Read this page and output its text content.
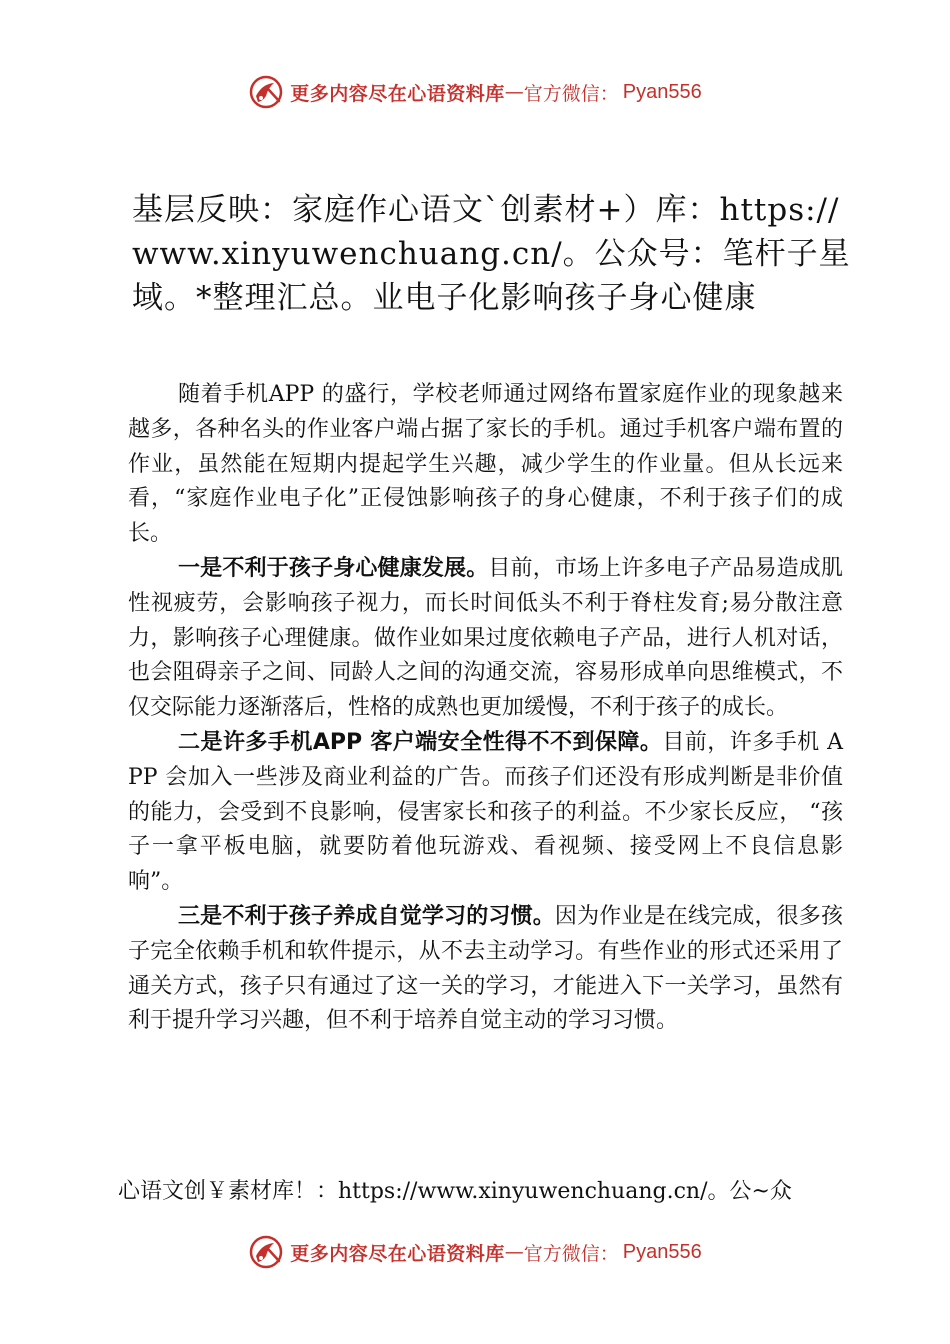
更多内容尽在心语资料库 — 官方微信： Pyan556
基层反映：家庭作心语文`创素材+）库：https://www.xinyuwenchuang.cn/。公众号：笔杆子星域。*整理汇总。业电子化影响孩子身心健康

随着手机APP 的盛行，学校老师通过网络布置家庭作业的现象越来越多，各种名头的作业客户端占据了家长的手机。通过手机客户端布置的作业，虽然能在短期内提起学生兴趣，减少学生的作业量。但从长远来看，“家庭作业电子化”正侵蚀影响孩子的身心健康，不利于孩子们的成长。

一是不利于孩子身心健康发展。目前，市场上许多电子产品易造成肌性视疲劳，会影响孩子视力，而长时间低头不利于脊柱发育;易分散注意力，影响孩子心理健康。做作业如果过度依赖电子产品，进行人机对话，也会阻碍亲子之间、同龄人之间的沟通交流，容易形成单向思维模式，不仅交际能力逐渐落后，性格的成熟也更加缓慢，不利于孩子的成长。

二是许多手机APP 客户端安全性得不不到保障。目前，许多手机 APP 会加入一些涉及商业利益的广告。而孩子们还没有形成判断是非价值的能力，会受到不良影响，侵害家长和孩子的利益。不少家长反应， “孩子一拿平板电脑，就要防着他玩游戏、看视频、接受网上不良信息影响”。

三是不利于孩子养成自觉学习的习惯。因为作业是在线完成，很多孩子完全依赖手机和软件提示，从不去主动学习。有些作业的形式还采用了通关方式，孩子只有通过了这一关的学习，才能进入下一关学习，虽然有利于提升学习兴趣，但不利于培养自觉主动的学习习惯。

心语文创￥素材库！：https://www.xinyuwenchuang.cn/。公~众
更多内容尽在心语资料库 — 官方微信： Pyan556
